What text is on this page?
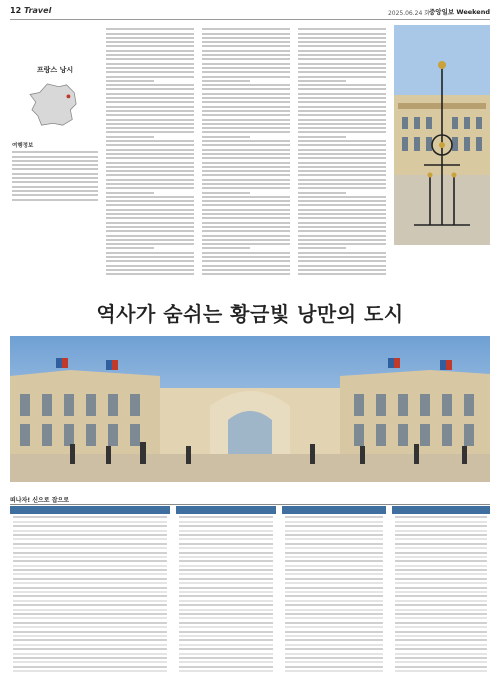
12 Travel	2025.06.24 화 중앙일보 Weekend
프랑스 낭시
여행정보
역사가 숨쉬는 황금빛 낭만의 도시
떠나자! 신으로 잡으로
